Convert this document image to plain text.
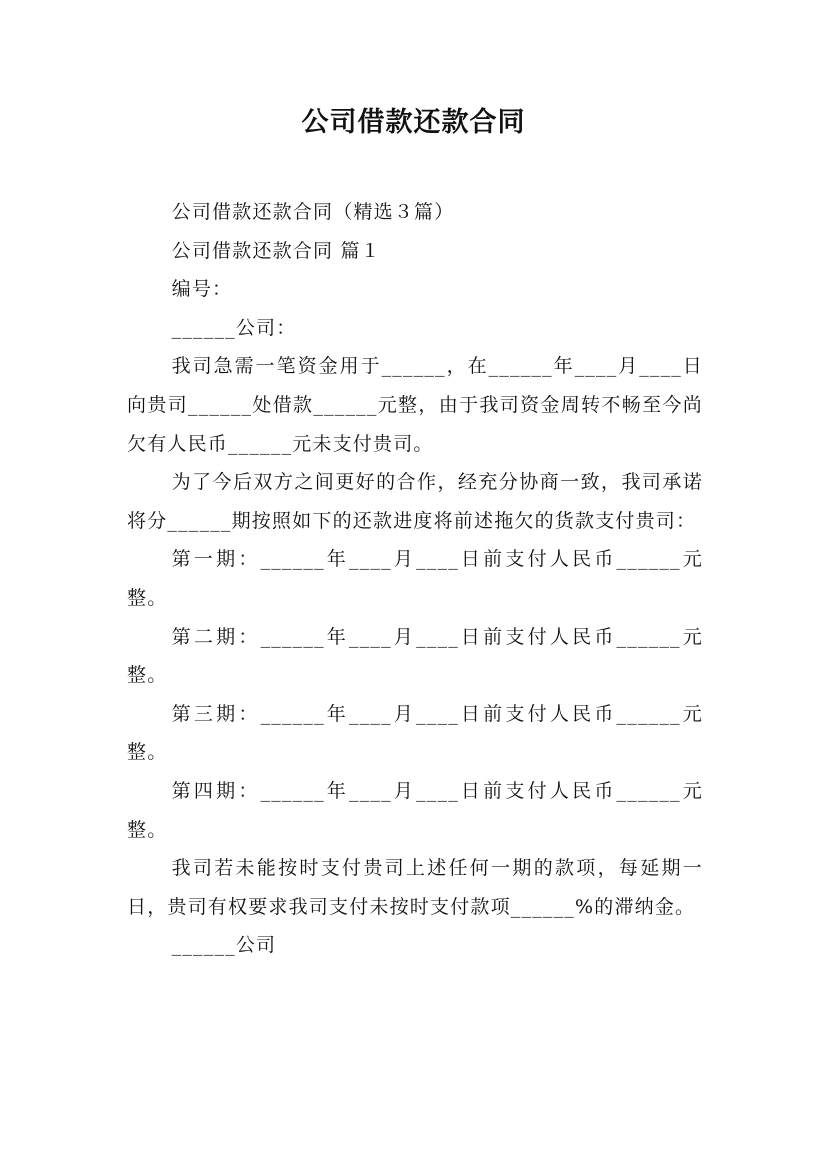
公司借款还款合同

公司借款还款合同（精选３篇）

公司借款还款合同 篇１

编号：

______公司：

我司急需一笔资金用于______，在______年____月____日向贵司______处借款______元整，由于我司资金周转不畅至今尚欠有人民币______元未支付贵司。

为了今后双方之间更好的合作，经充分协商一致，我司承诺将分______期按照如下的还款进度将前述拖欠的货款支付贵司：

第一期：______年____月____日前支付人民币______元整。

第二期：______年____月____日前支付人民币______元整。

第三期：______年____月____日前支付人民币______元整。

第四期：______年____月____日前支付人民币______元整。

我司若未能按时支付贵司上述任何一期的款项，每延期一日，贵司有权要求我司支付未按时支付款项______%的滞纳金。

______公司
